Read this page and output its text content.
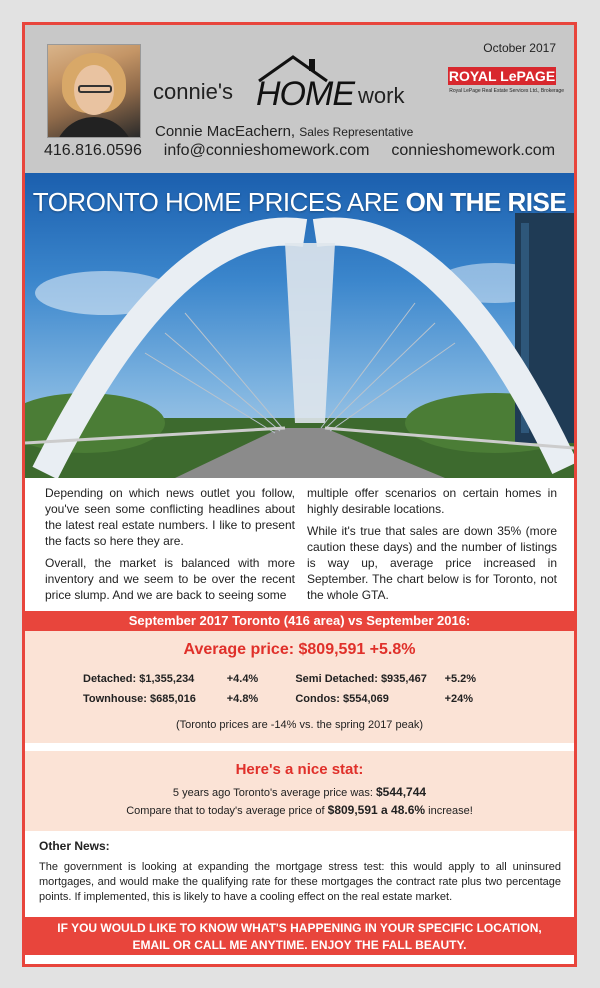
October 2017
connie's HOME work
ROYAL LePAGE
Royal LePage Real Estate Services Ltd., Brokerage
Connie MacEachern, Sales Representative
416.816.0596 info@connieshomework.com connieshomework.com
TORONTO HOME PRICES ARE ON THE RISE

Depending on which news outlet you follow, you've seen some conflicting headlines about the latest real estate numbers. I like to present the facts so here they are.

Overall, the market is balanced with more inventory and we seem to be over the recent price slump. And we are back to seeing some

multiple offer scenarios on certain homes in highly desirable locations.

While it's true that sales are down 35% (more caution these days) and the number of listings is way up, average price increased in September. The chart below is for Toronto, not the whole GTA.

September 2017 Toronto (416 area) vs September 2016:
Average price: $809,591 +5.8%
Detached: $1,355,234	+4.4%	Semi Detached: $935,467	+5.2%
Townhouse: $685,016	+4.8%	Condos: $554,069	+24%
(Toronto prices are -14% vs. the spring 2017 peak)
Here's a nice stat:
5 years ago Toronto's average price was: $544,744
Compare that to today's average price of $809,591 a 48.6% increase!
Other News:

The government is looking at expanding the mortgage stress test: this would apply to all uninsured mortgages, and would make the qualifying rate for these mortgages the contract rate plus two percentage points. If implemented, this is likely to have a cooling effect on the real estate market.

IF YOU WOULD LIKE TO KNOW WHAT'S HAPPENING IN YOUR SPECIFIC LOCATION,
EMAIL OR CALL ME ANYTIME. ENJOY THE FALL BEAUTY.
